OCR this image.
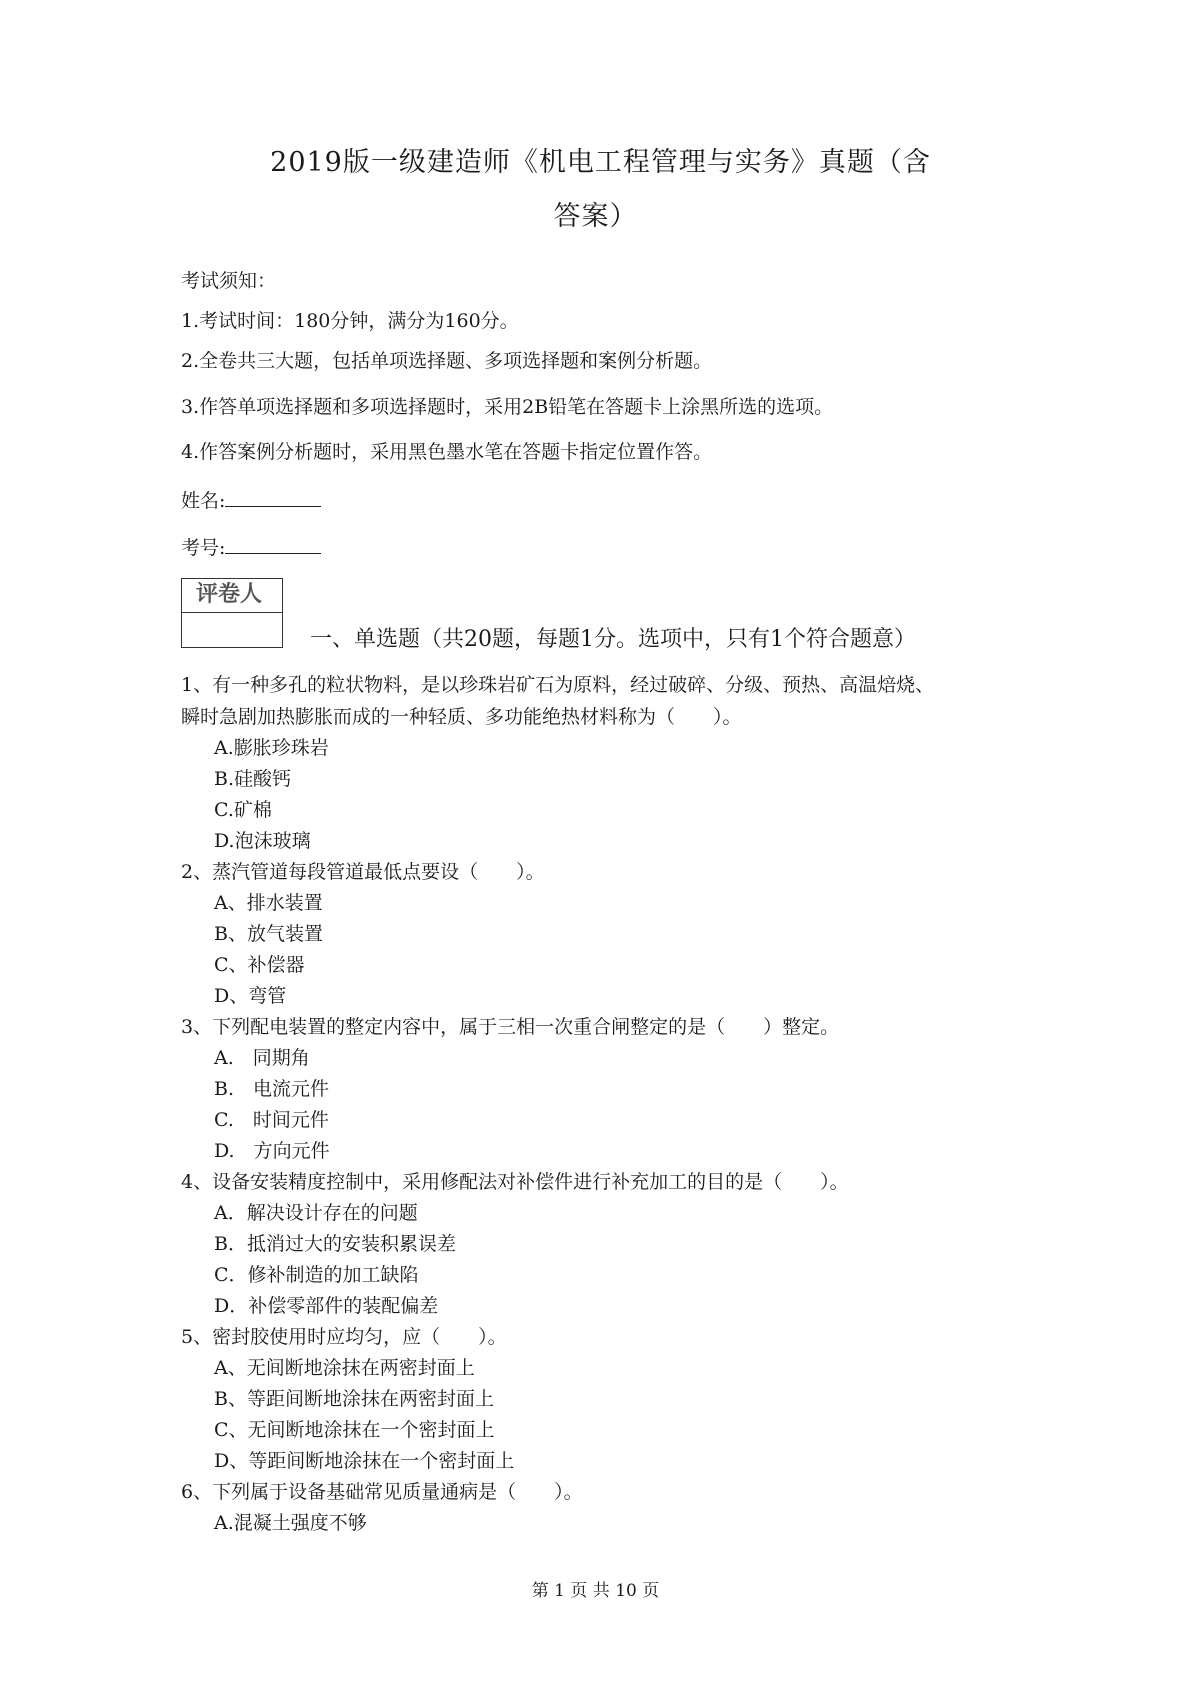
2019版一级建造师《机电工程管理与实务》真题（含
答案）
考试须知：
1.考试时间：180分钟，满分为160分。
2.全卷共三大题，包括单项选择题、多项选择题和案例分析题。
3.作答单项选择题和多项选择题时，采用2B铅笔在答题卡上涂黑所选的选项。
4.作答案例分析题时，采用黑色墨水笔在答题卡指定位置作答。
姓名:
考号:
评卷人
一、单选题（共20题，每题1分。选项中，只有1个符合题意）
1、有一种多孔的粒状物料，是以珍珠岩矿石为原料，经过破碎、分级、预热、高温焙烧、
瞬时急剧加热膨胀而成的一种轻质、多功能绝热材料称为（　　）。
A.膨胀珍珠岩
B.硅酸钙
C.矿棉
D.泡沫玻璃
2、蒸汽管道每段管道最低点要设（　　）。
A、排水装置
B、放气装置
C、补偿器
D、弯管
3、下列配电装置的整定内容中，属于三相一次重合闸整定的是（　　）整定。
A.　同期角
B.　电流元件
C.　时间元件
D.　方向元件
4、设备安装精度控制中，采用修配法对补偿件进行补充加工的目的是（　　）。
A．解决设计存在的问题
B．抵消过大的安装积累误差
C．修补制造的加工缺陷
D．补偿零部件的装配偏差
5、密封胶使用时应均匀，应（　　）。
A、无间断地涂抹在两密封面上
B、等距间断地涂抹在两密封面上
C、无间断地涂抹在一个密封面上
D、等距间断地涂抹在一个密封面上
6、下列属于设备基础常见质量通病是（　　）。
A.混凝土强度不够
第 1 页 共 10 页
